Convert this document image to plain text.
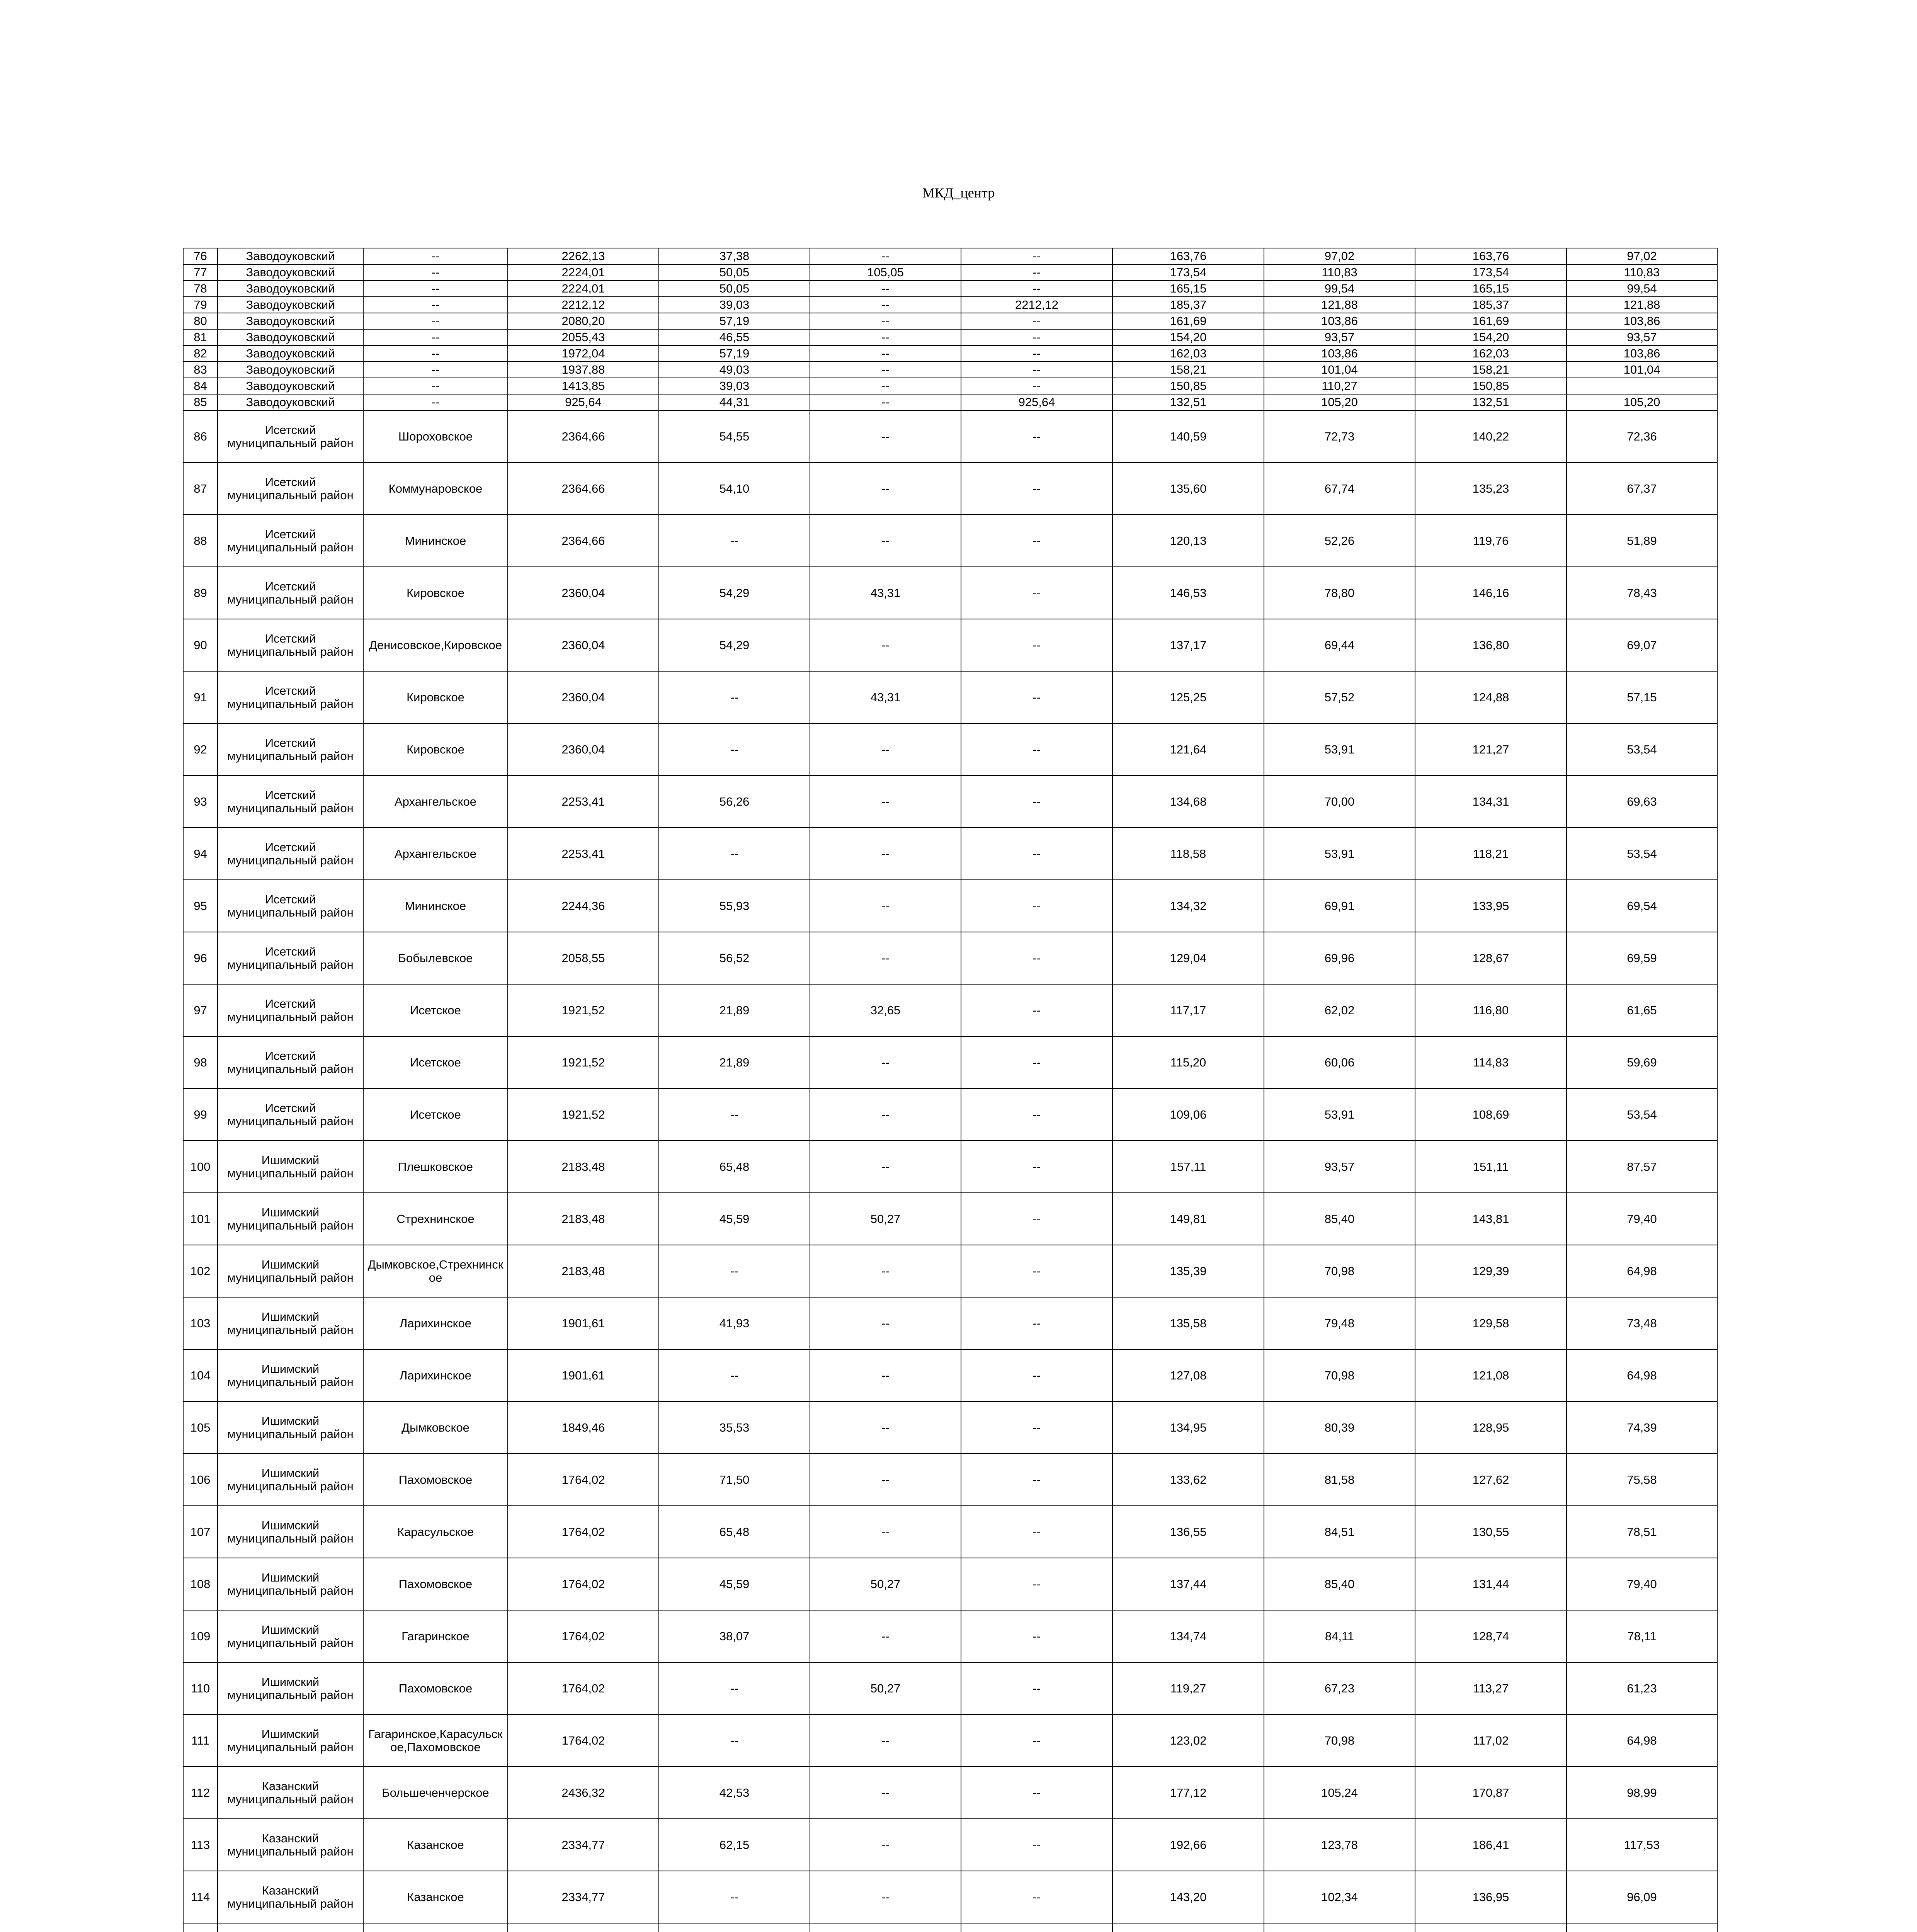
МКД_центр
76	Заводоуковский	--	2262,13	37,38	--	--	163,76	97,02	163,76	97,02
77	Заводоуковский	--	2224,01	50,05	105,05	--	173,54	110,83	173,54	110,83
78	Заводоуковский	--	2224,01	50,05	--	--	165,15	99,54	165,15	99,54
79	Заводоуковский	--	2212,12	39,03	--	2212,12	185,37	121,88	185,37	121,88
80	Заводоуковский	--	2080,20	57,19	--	--	161,69	103,86	161,69	103,86
81	Заводоуковский	--	2055,43	46,55	--	--	154,20	93,57	154,20	93,57
82	Заводоуковский	--	1972,04	57,19	--	--	162,03	103,86	162,03	103,86
83	Заводоуковский	--	1937,88	49,03	--	--	158,21	101,04	158,21	101,04
84	Заводоуковский	--	1413,85	39,03	--	--	150,85	110,27	150,85	
85	Заводоуковский	--	925,64	44,31	--	925,64	132,51	105,20	132,51	105,20
86	Исетский муниципальный район	Шороховское	2364,66	54,55	--	--	140,59	72,73	140,22	72,36
87	Исетский муниципальный район	Коммунаровское	2364,66	54,10	--	--	135,60	67,74	135,23	67,37
88	Исетский муниципальный район	Мининское	2364,66	--	--	--	120,13	52,26	119,76	51,89
89	Исетский муниципальный район	Кировское	2360,04	54,29	43,31	--	146,53	78,80	146,16	78,43
90	Исетский муниципальный район	Денисовское,Кировское	2360,04	54,29	--	--	137,17	69,44	136,80	69,07
91	Исетский муниципальный район	Кировское	2360,04	--	43,31	--	125,25	57,52	124,88	57,15
92	Исетский муниципальный район	Кировское	2360,04	--	--	--	121,64	53,91	121,27	53,54
93	Исетский муниципальный район	Архангельское	2253,41	56,26	--	--	134,68	70,00	134,31	69,63
94	Исетский муниципальный район	Архангельское	2253,41	--	--	--	118,58	53,91	118,21	53,54
95	Исетский муниципальный район	Мининское	2244,36	55,93	--	--	134,32	69,91	133,95	69,54
96	Исетский муниципальный район	Бобылевское	2058,55	56,52	--	--	129,04	69,96	128,67	69,59
97	Исетский муниципальный район	Исетское	1921,52	21,89	32,65	--	117,17	62,02	116,80	61,65
98	Исетский муниципальный район	Исетское	1921,52	21,89	--	--	115,20	60,06	114,83	59,69
99	Исетский муниципальный район	Исетское	1921,52	--	--	--	109,06	53,91	108,69	53,54
100	Ишимский муниципальный район	Плешковское	2183,48	65,48	--	--	157,11	93,57	151,11	87,57
101	Ишимский муниципальный район	Стрехнинское	2183,48	45,59	50,27	--	149,81	85,40	143,81	79,40
102	Ишимский муниципальный район	Дымковское,Стрехнинское	2183,48	--	--	--	135,39	70,98	129,39	64,98
103	Ишимский муниципальный район	Ларихинское	1901,61	41,93	--	--	135,58	79,48	129,58	73,48
104	Ишимский муниципальный район	Ларихинское	1901,61	--	--	--	127,08	70,98	121,08	64,98
105	Ишимский муниципальный район	Дымковское	1849,46	35,53	--	--	134,95	80,39	128,95	74,39
106	Ишимский муниципальный район	Пахомовское	1764,02	71,50	--	--	133,62	81,58	127,62	75,58
107	Ишимский муниципальный район	Карасульское	1764,02	65,48	--	--	136,55	84,51	130,55	78,51
108	Ишимский муниципальный район	Пахомовское	1764,02	45,59	50,27	--	137,44	85,40	131,44	79,40
109	Ишимский муниципальный район	Гагаринское	1764,02	38,07	--	--	134,74	84,11	128,74	78,11
110	Ишимский муниципальный район	Пахомовское	1764,02	--	50,27	--	119,27	67,23	113,27	61,23
111	Ишимский муниципальный район	Гагаринское,Карасульское,Пахомовское	1764,02	--	--	--	123,02	70,98	117,02	64,98
112	Казанский муниципальный район	Большеченчерское	2436,32	42,53	--	--	177,12	105,24	170,87	98,99
113	Казанский муниципальный район	Казанское	2334,77	62,15	--	--	192,66	123,78	186,41	117,53
114	Казанский муниципальный район	Казанское	2334,77	--	--	--	143,20	102,34	136,95	96,09
